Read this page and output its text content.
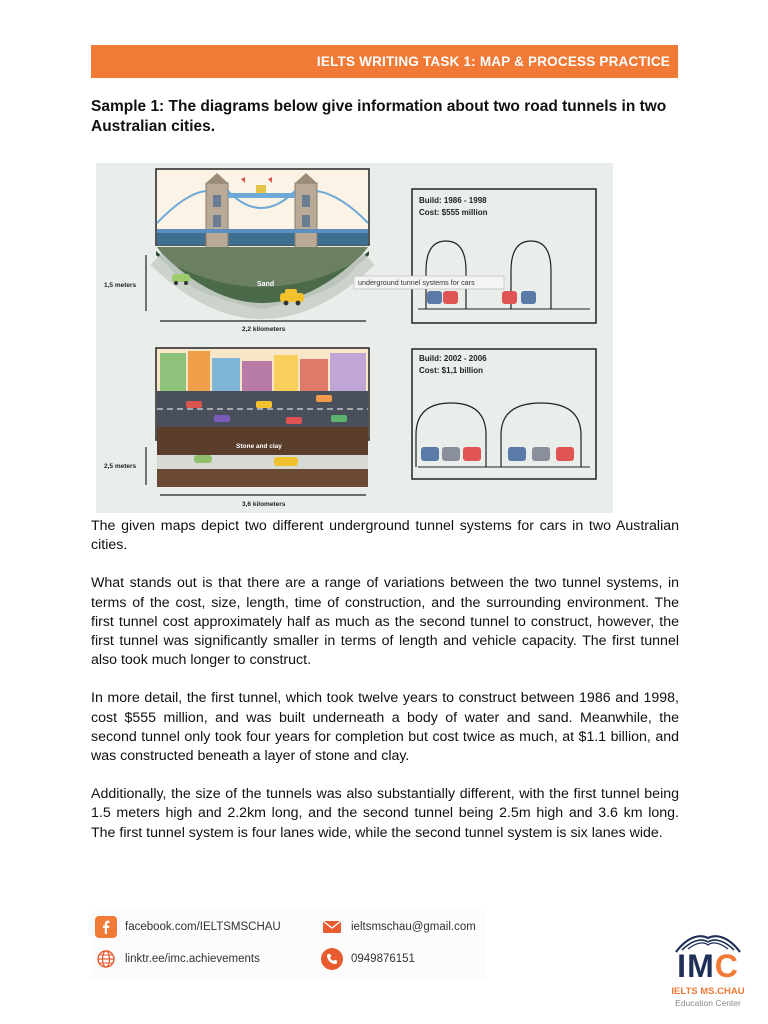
IELTS WRITING TASK 1: MAP & PROCESS PRACTICE
Sample 1: The diagrams below give information about two road tunnels in two Australian cities.
Sand
1,5 meters
2,2 kilometers
Build: 1986 - 1998
Cost: $555 million
underground tunnel systems for cars
Stone and clay
2,5 meters
3,6 kilometers
Build: 2002 - 2006
Cost: $1,1 billion

The given maps depict two different underground tunnel systems for cars in two Australian cities.

What stands out is that there are a range of variations between the two tunnel systems, in terms of the cost, size, length, time of construction, and the surrounding environment. The first tunnel cost approximately half as much as the second tunnel to construct, however, the first tunnel was significantly smaller in terms of length and vehicle capacity. The first tunnel also took much longer to construct.

In more detail, the first tunnel, which took twelve years to construct between 1986 and 1998, cost $555 million, and was built underneath a body of water and sand. Meanwhile, the second tunnel only took four years for completion but cost twice as much, at $1.1 billion, and was constructed beneath a layer of stone and clay.

Additionally, the size of the tunnels was also substantially different, with the first tunnel being 1.5 meters high and 2.2km long, and the second tunnel being 2.5m high and 3.6 km long. The first tunnel system is four lanes wide, while the second tunnel system is six lanes wide.

facebook.com/IELTSMSCHAU	ieltsmschau@gmail.com
linktr.ee/imc.achievements	0949876151	IMC
IELTS MS.CHAU
Education Center
